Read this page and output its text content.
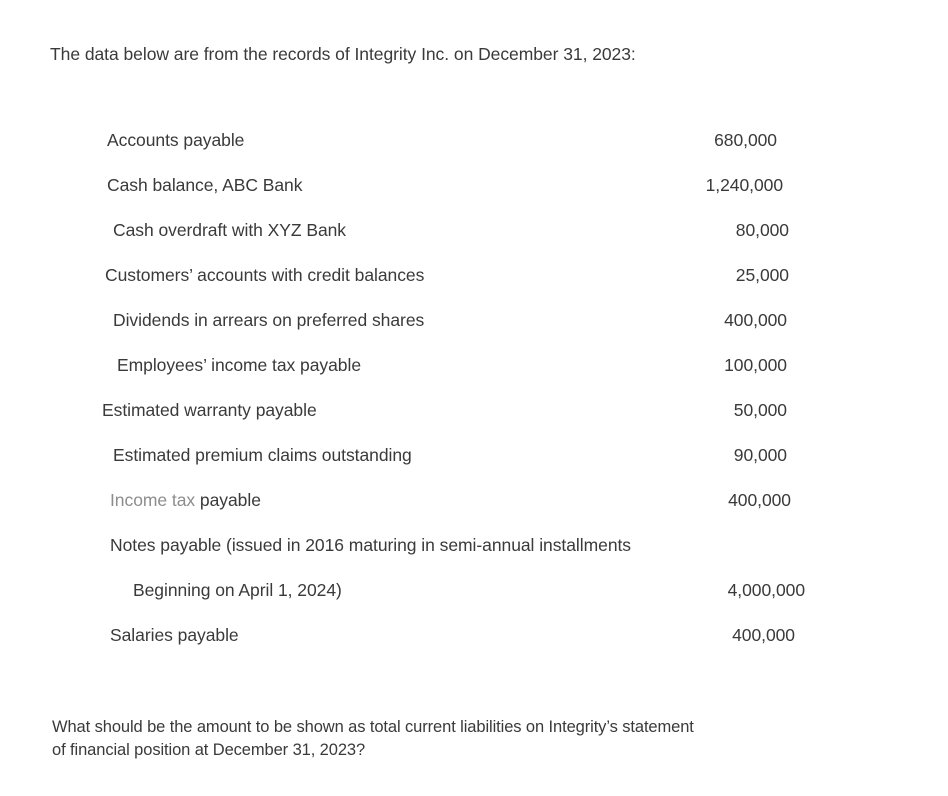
The data below are from the records of Integrity Inc. on December 31, 2023:
Accounts payable	680,000
Cash balance, ABC Bank	1,240,000
Cash overdraft with XYZ Bank	80,000
Customers’ accounts with credit balances	25,000
Dividends in arrears on preferred shares	400,000
Employees’ income tax payable	100,000
Estimated warranty payable	50,000
Estimated premium claims outstanding	90,000
Income tax payable	400,000
Notes payable (issued in 2016 maturing in semi-annual installments
Beginning on April 1, 2024)	4,000,000
Salaries payable	400,000
What should be the amount to be shown as total current liabilities on Integrity’s statement
of financial position at December 31, 2023?
